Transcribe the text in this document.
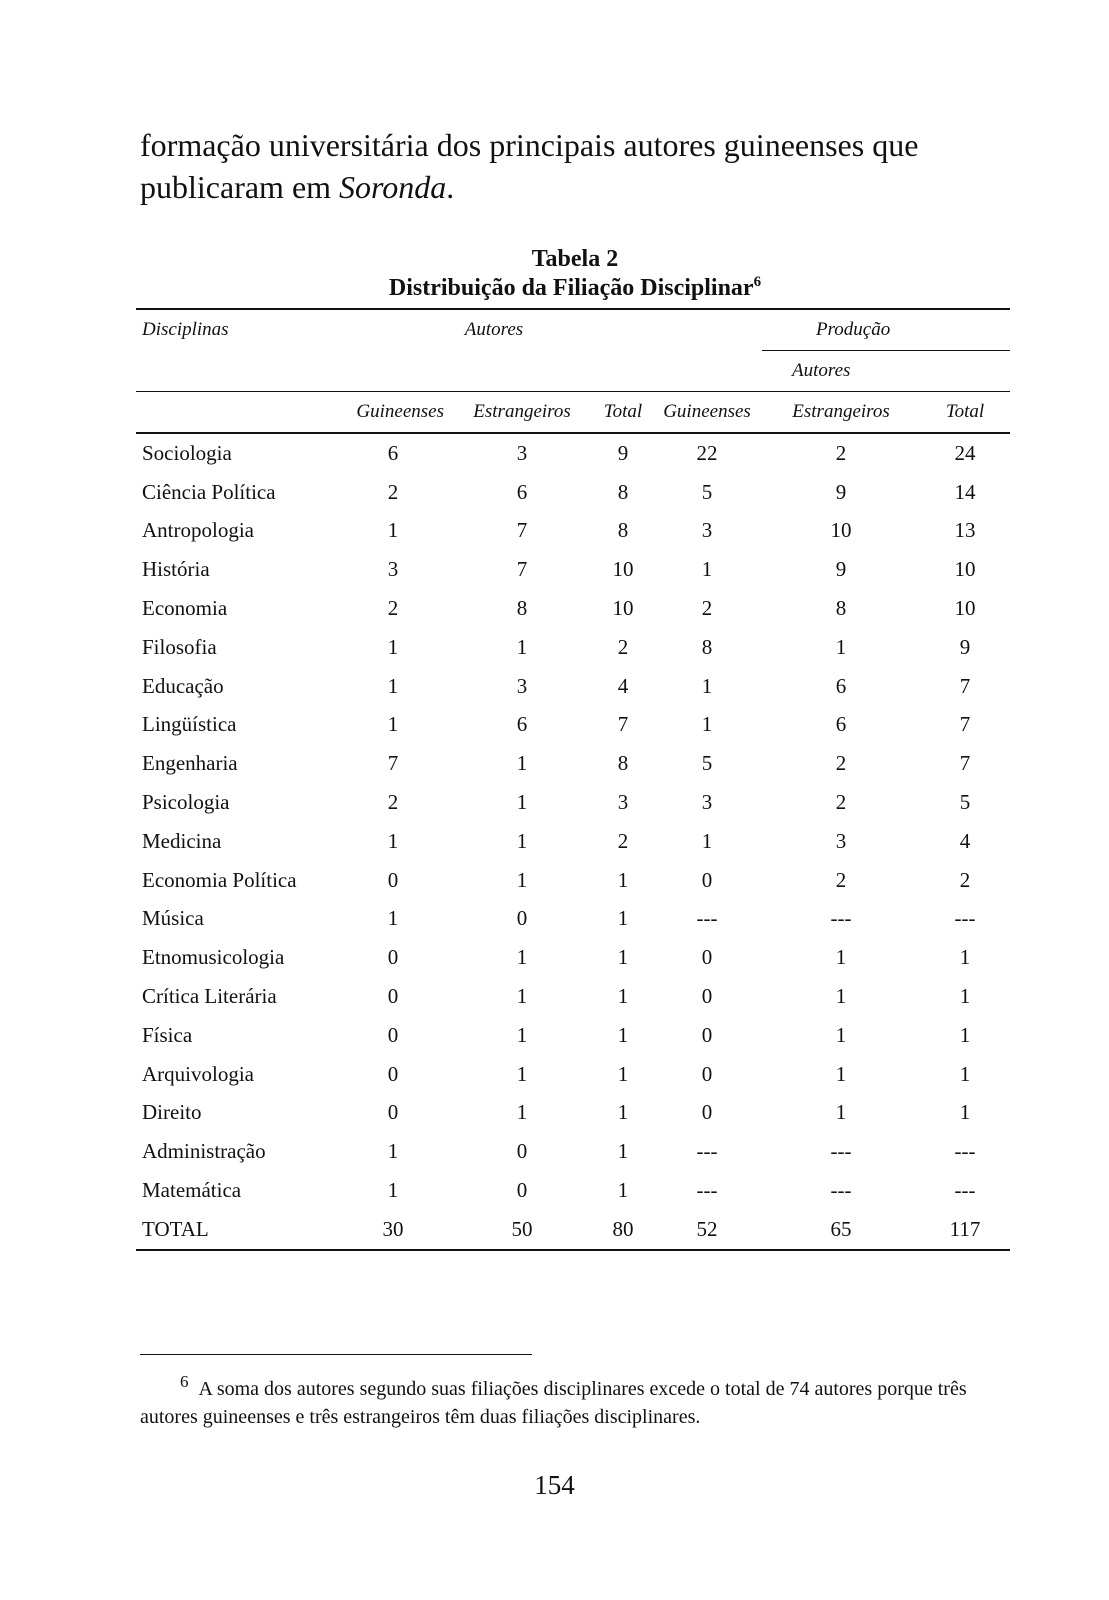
formação universitária dos principais autores guineenses que publicaram em Soronda.

Tabela 2

Distribuição da Filiação Disciplinar$^6$

Disciplinas	Autores				Produção	
					Autores	
	Guineenses	Estrangeiros	Total	Guineenses	Estrangeiros	Total
Sociologia	6	3	9	22	2	24
Ciência Política	2	6	8	5	9	14
Antropologia	1	7	8	3	10	13
História	3	7	10	1	9	10
Economia	2	8	10	2	8	10
Filosofia	1	1	2	8	1	9
Educação	1	3	4	1	6	7
Lingüística	1	6	7	1	6	7
Engenharia	7	1	8	5	2	7
Psicologia	2	1	3	3	2	5
Medicina	1	1	2	1	3	4
Economia Política	0	1	1	0	2	2
Música	1	0	1	---	---	---
Etnomusicologia	0	1	1	0	1	1
Crítica Literária	0	1	1	0	1	1
Física	0	1	1	0	1	1
Arquivologia	0	1	1	0	1	1
Direito	0	1	1	0	1	1
Administração	1	0	1	---	---	---
Matemática	1	0	1	---	---	---
TOTAL	30	50	80	52	65	117

$^6$ A soma dos autores segundo suas filiações disciplinares excede o total de 74 autores porque três autores guineenses e três estrangeiros têm duas filiações disciplinares.

154
